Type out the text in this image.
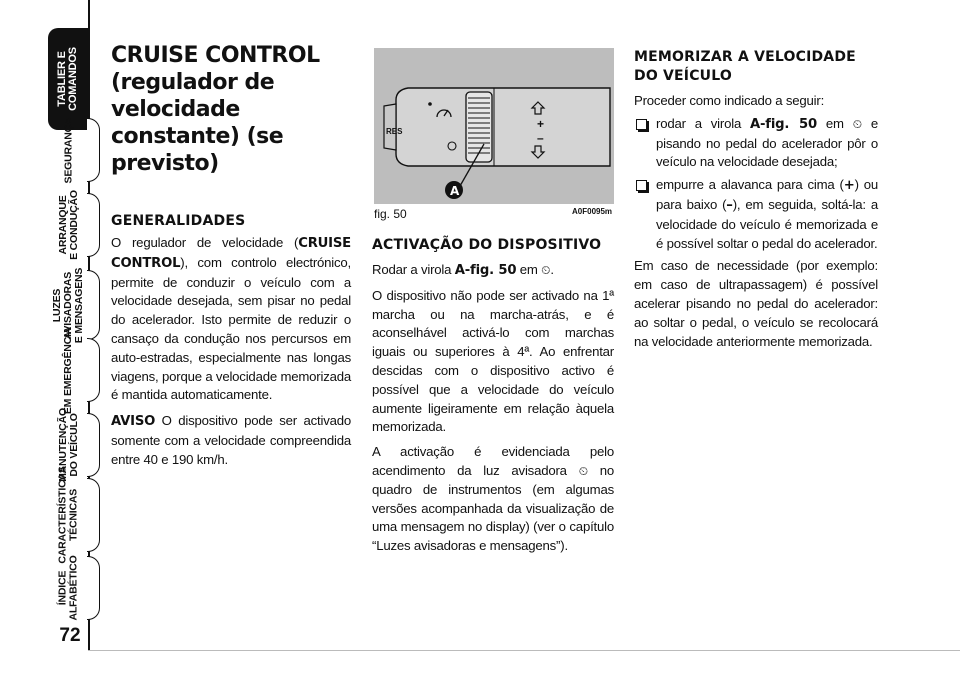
TABLIER E
COMANDOS
SEGURANÇA
ARRANQUE
E CONDUÇÃO
LUZES
AVISADORAS
E MENSAGENS
EM EMERGÊNCIA
MANUTENÇÃO
DO VEÍCULO
CARACTERÍSTICAS
TÉCNICAS
ÍNDICE
ALFABÉTICO
72
CRUISE CONTROL (regulador de velocidade constante) (se previsto)
GENERALIDADES

O regulador de velocidade (CRUISE CONTROL), com controlo electrónico, permite de conduzir o veículo com a velocidade desejada, sem pisar no pedal do acelerador. Isto permite de reduzir o cansaço da condução nos percursos em auto-estradas, especialmente nas longas viagens, porque a velocidade memorizada é mantida automaticamente.

AVISO O dispositivo pode ser activado somente com a velocidade compreendida entre 40 e 190 km/h.

RES
+
–
A
fig. 50	A0F0095m
ACTIVAÇÃO DO DISPOSITIVO

Rodar a virola A-fig. 50 em ⏲.

O dispositivo não pode ser activado na 1ª marcha ou na marcha-atrás, e é aconselhável activá-lo com marchas iguais ou superiores à 4ª. Ao enfrentar descidas com o dispositivo activo é possível que a velocidade do veículo aumente ligeiramente em relação àquela memorizada.

A activação é evidenciada pelo acendimento da luz avisadora ⏲ no quadro de instrumentos (em algumas versões acompanhada da visualização de uma mensagem no display) (ver o capítulo “Luzes avisadoras e mensagens”).

MEMORIZAR A VELOCIDADE DO VEÍCULO

Proceder como indicado a seguir:

rodar a virola A-fig. 50 em ⏲ e pisando no pedal do acelerador pôr o veículo na velocidade desejada;
empurre a alavanca para cima (+) ou para baixo (–), em seguida, soltá-la: a velocidade do veículo é memorizada e é possível soltar o pedal do acelerador.

Em caso de necessidade (por exemplo: em caso de ultrapassagem) é possível acelerar pisando no pedal do acelerador: ao soltar o pedal, o veículo se recolocará na velocidade anteriormente memorizada.
